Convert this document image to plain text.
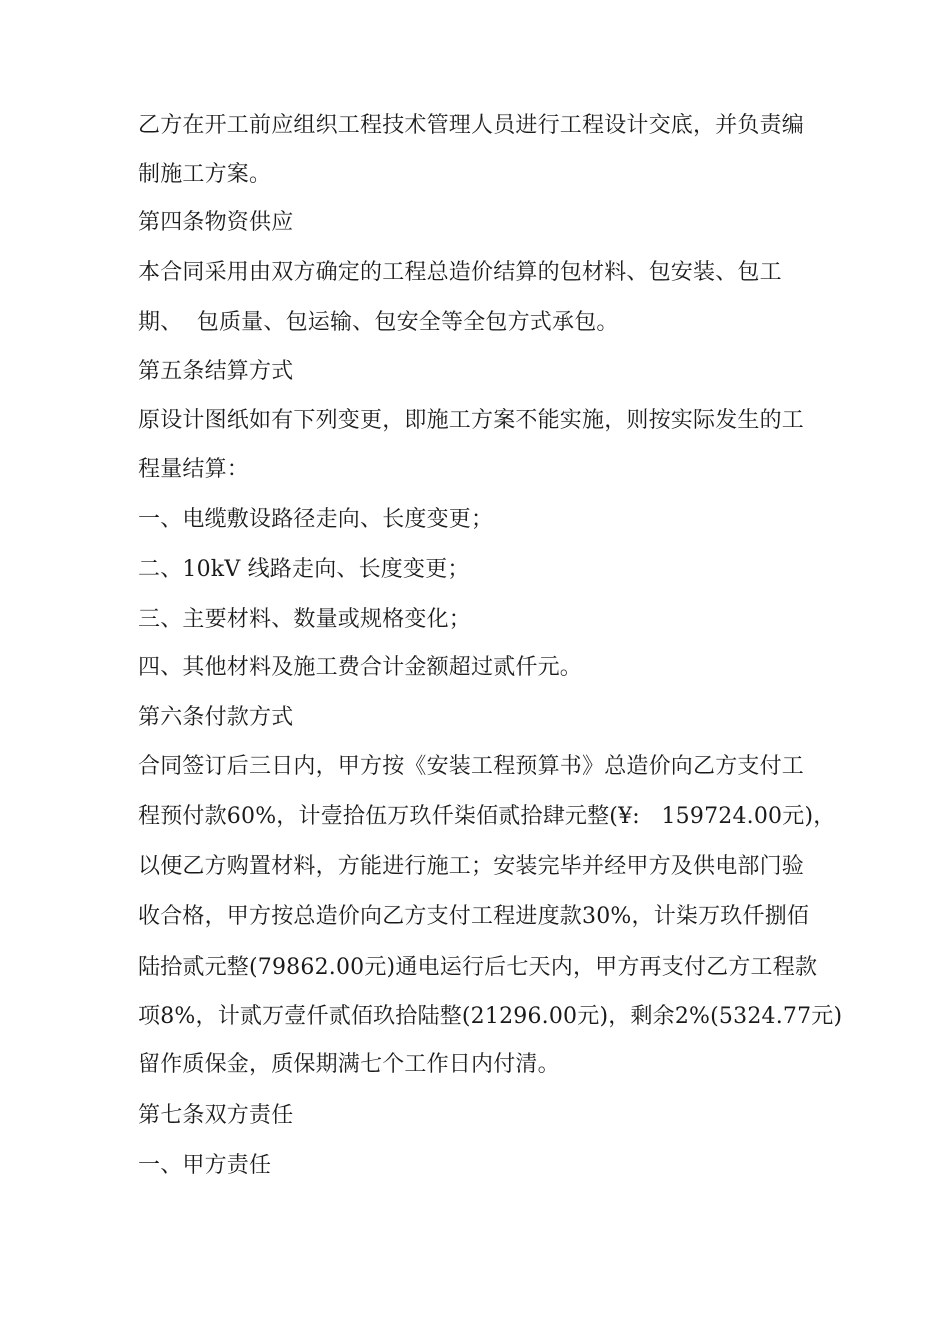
乙方在开工前应组织工程技术管理人员进行工程设计交底，并负责编
制施工方案。
第四条物资供应
本合同采用由双方确定的工程总造价结算的包材料、包安装、包工
期、  包质量、包运输、包安全等全包方式承包。
第五条结算方式
原设计图纸如有下列变更，即施工方案不能实施，则按实际发生的工
程量结算：
一、电缆敷设路径走向、长度变更；
二、10kV 线路走向、长度变更；
三、主要材料、数量或规格变化；
四、其他材料及施工费合计金额超过贰仟元。
第六条付款方式
合同签订后三日内，甲方按《安装工程预算书》总造价向乙方支付工
程预付款60%，计壹拾伍万玖仟柒佰贰拾肆元整(¥:   159724.00元)，
以便乙方购置材料，方能进行施工；安装完毕并经甲方及供电部门验
收合格，甲方按总造价向乙方支付工程进度款30%，计柒万玖仟捌佰
陆拾贰元整(79862.00元)通电运行后七天内，甲方再支付乙方工程款
项8%，计贰万壹仟贰佰玖拾陆整(21296.00元)，剩余2%(5324.77元)
留作质保金，质保期满七个工作日内付清。
第七条双方责任
一、甲方责任
